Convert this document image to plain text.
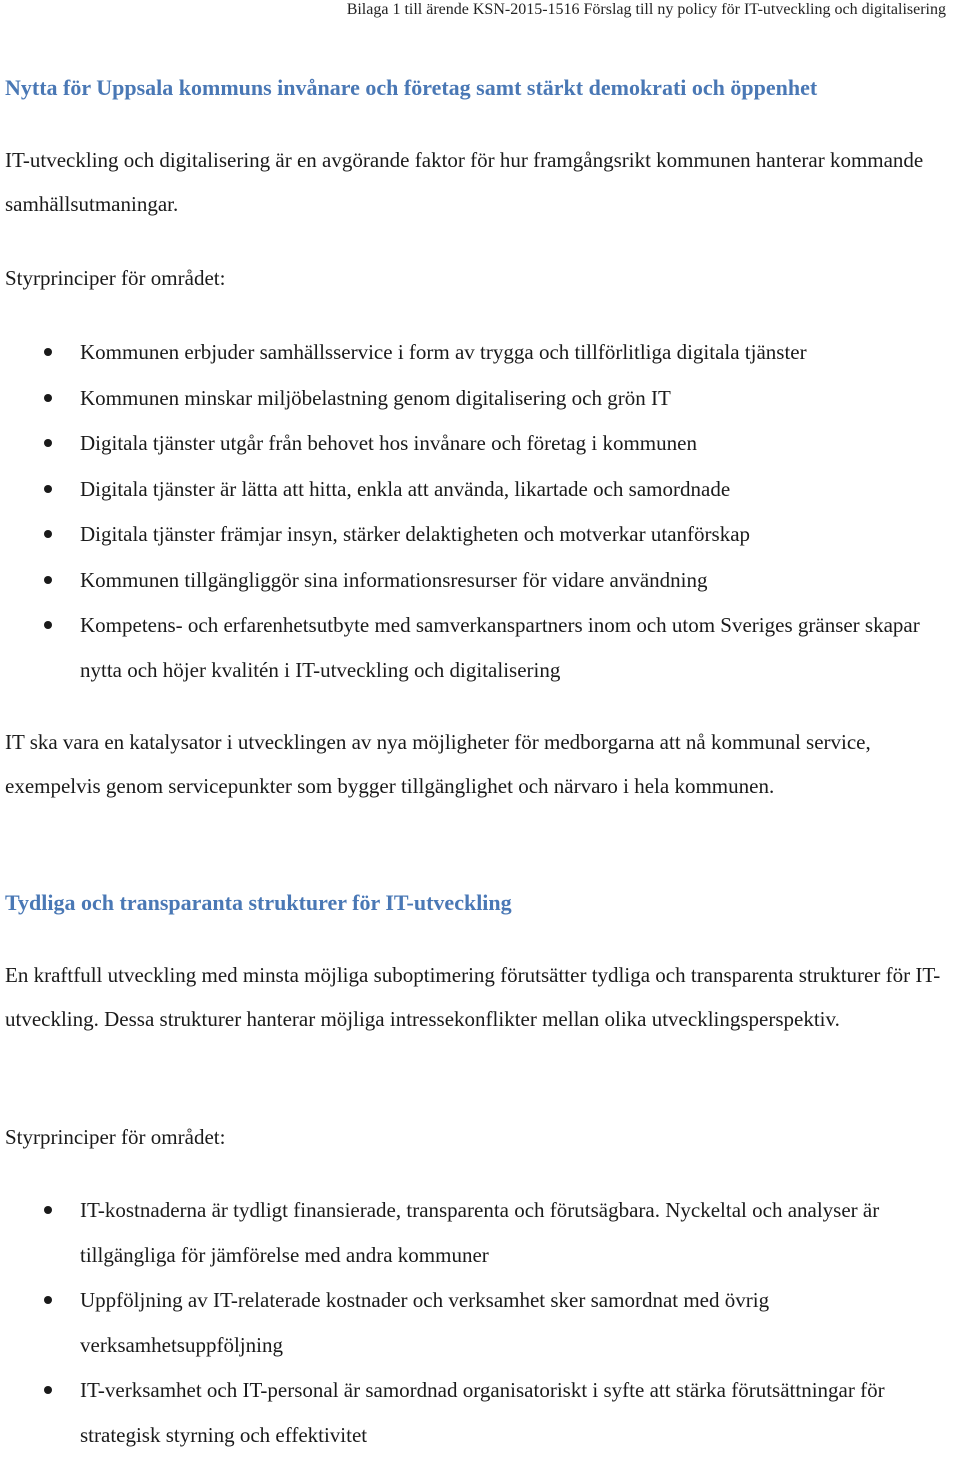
Bilaga 1 till ärende KSN-2015-1516 Förslag till ny policy för IT-utveckling och digitalisering
Nytta för Uppsala kommuns invånare och företag samt stärkt demokrati och öppenhet
IT-utveckling och digitalisering är en avgörande faktor för hur framgångsrikt kommunen hanterar kommande samhällsutmaningar.
Styrprinciper för området:
Kommunen erbjuder samhällsservice i form av trygga och tillförlitliga digitala tjänster
Kommunen minskar miljöbelastning genom digitalisering och grön IT
Digitala tjänster utgår från behovet hos invånare och företag i kommunen
Digitala tjänster är lätta att hitta, enkla att använda, likartade och samordnade
Digitala tjänster främjar insyn, stärker delaktigheten och motverkar utanförskap
Kommunen tillgängliggör sina informationsresurser för vidare användning
Kompetens- och erfarenhetsutbyte med samverkanspartners inom och utom Sveriges gränser skapar nytta och höjer kvalitén i IT-utveckling och digitalisering
IT ska vara en katalysator i utvecklingen av nya möjligheter för medborgarna att nå kommunal service, exempelvis genom servicepunkter som bygger tillgänglighet och närvaro i hela kommunen.
Tydliga och transparanta strukturer för IT-utveckling
En kraftfull utveckling med minsta möjliga suboptimering förutsätter tydliga och transparenta strukturer för IT-utveckling. Dessa strukturer hanterar möjliga intressekonflikter mellan olika utvecklingsperspektiv.
Styrprinciper för området:
IT-kostnaderna är tydligt finansierade, transparenta och förutsägbara. Nyckeltal och analyser är tillgängliga för jämförelse med andra kommuner
Uppföljning av IT-relaterade kostnader och verksamhet sker samordnat med övrig verksamhetsuppföljning
IT-verksamhet och IT-personal är samordnad organisatoriskt i syfte att stärka förutsättningar för strategisk styrning och effektivitet
